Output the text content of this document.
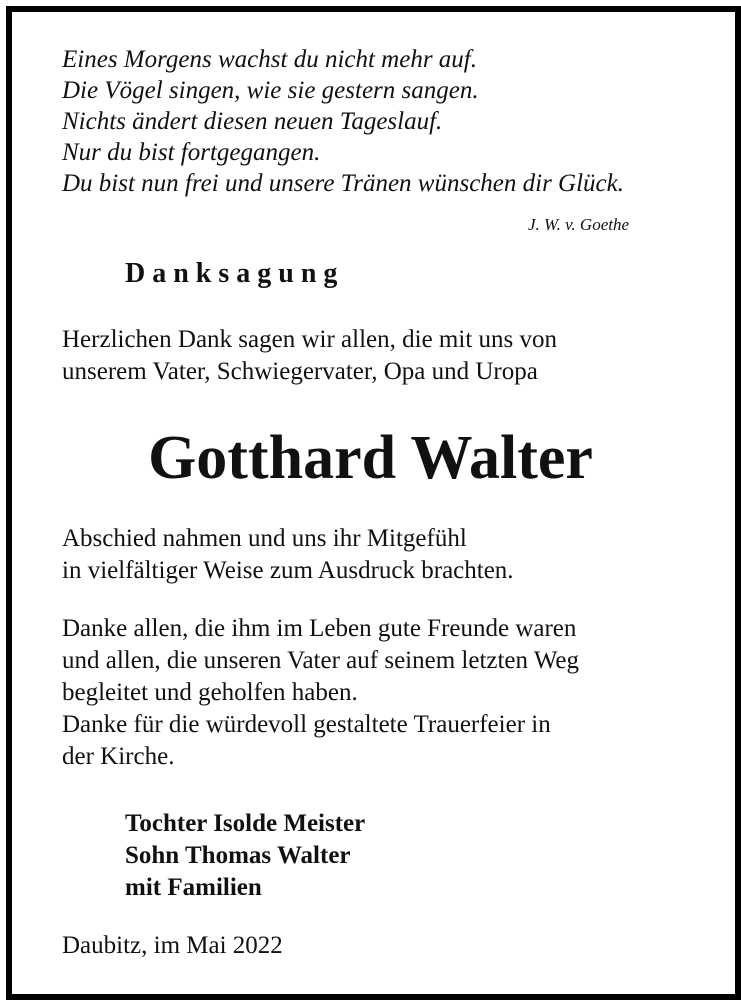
Eines Morgens wachst du nicht mehr auf.
Die Vögel singen, wie sie gestern sangen.
Nichts ändert diesen neuen Tageslauf.
Nur du bist fortgegangen.
Du bist nun frei und unsere Tränen wünschen dir Glück.
J. W. v. Goethe
Danksagung
Herzlichen Dank sagen wir allen, die mit uns von
unserem Vater, Schwiegervater, Opa und Uropa
Gotthard Walter
Abschied nahmen und uns ihr Mitgefühl
in vielfältiger Weise zum Ausdruck brachten.
Danke allen, die ihm im Leben gute Freunde waren
und allen, die unseren Vater auf seinem letzten Weg
begleitet und geholfen haben.
Danke für die würdevoll gestaltete Trauerfeier in
der Kirche.
Tochter Isolde Meister
Sohn Thomas Walter
mit Familien
Daubitz, im Mai 2022
